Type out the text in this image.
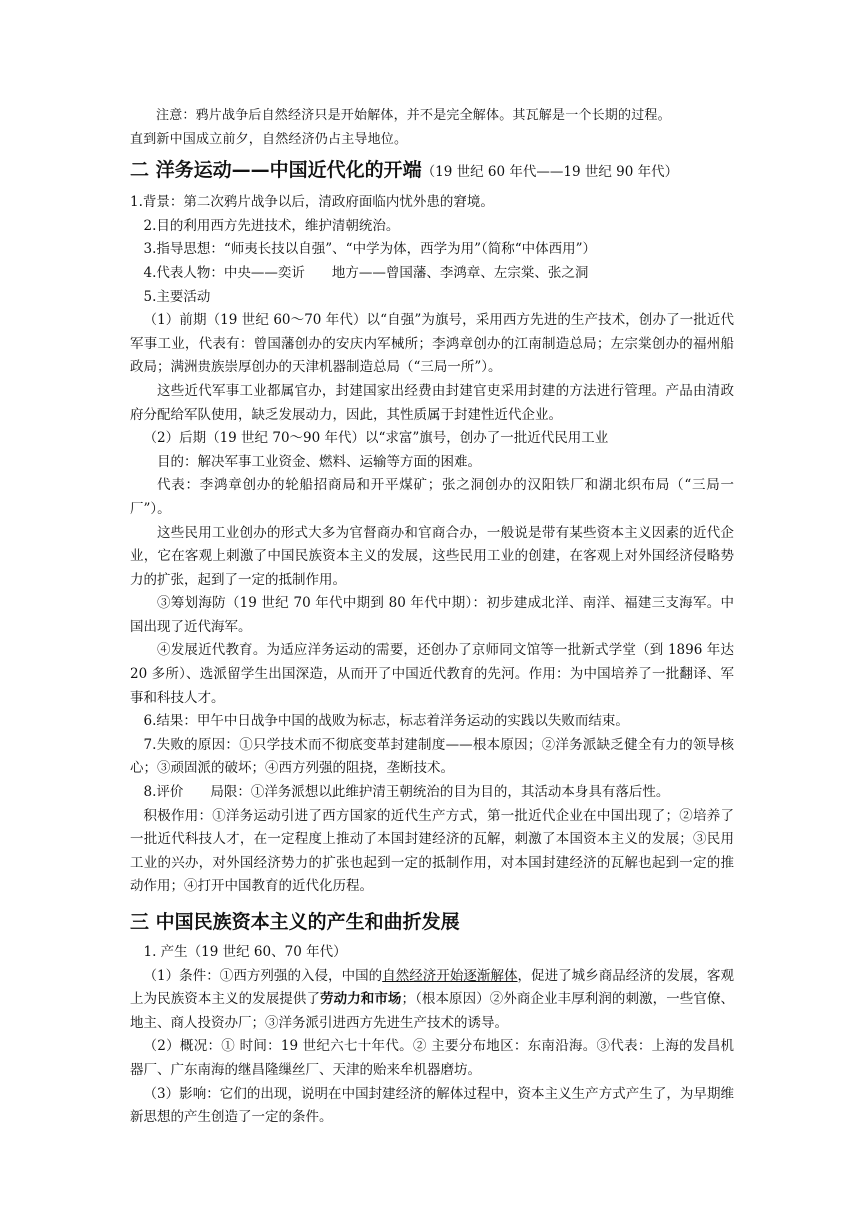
注意：鸦片战争后自然经济只是开始解体，并不是完全解体。其瓦解是一个长期的过程。

直到新中国成立前夕，自然经济仍占主导地位。

二 洋务运动——中国近代化的开端（19 世纪 60 年代——19 世纪 90 年代）

1.背景：第二次鸦片战争以后，清政府面临内忧外患的窘境。

2.目的利用西方先进技术，维护清朝统治。

3.指导思想：“师夷长技以自强”、“中学为体，西学为用”（简称“中体西用”）

4.代表人物：中央——奕䜣　　地方——曾国藩、李鸿章、左宗棠、张之洞

5.主要活动

（1）前期（19 世纪 60～70 年代）以“自强”为旗号，采用西方先进的生产技术，创办了一批近代军事工业，代表有：曾国藩创办的安庆内军械所；李鸿章创办的江南制造总局；左宗棠创办的福州船政局；满洲贵族崇厚创办的天津机器制造总局（“三局一所”）。

这些近代军事工业都属官办，封建国家出经费由封建官吏采用封建的方法进行管理。产品由清政府分配给军队使用，缺乏发展动力，因此，其性质属于封建性近代企业。

（2）后期（19 世纪 70～90 年代）以“求富”旗号，创办了一批近代民用工业

目的：解决军事工业资金、燃料、运输等方面的困难。

代表：李鸿章创办的轮船招商局和开平煤矿；张之洞创办的汉阳铁厂和湖北织布局（“三局一厂”）。

这些民用工业创办的形式大多为官督商办和官商合办，一般说是带有某些资本主义因素的近代企业，它在客观上刺激了中国民族资本主义的发展，这些民用工业的创建，在客观上对外国经济侵略势力的扩张，起到了一定的抵制作用。

③筹划海防（19 世纪 70 年代中期到 80 年代中期）：初步建成北洋、南洋、福建三支海军。中国出现了近代海军。

④发展近代教育。为适应洋务运动的需要，还创办了京师同文馆等一批新式学堂（到 1896 年达 20 多所）、选派留学生出国深造，从而开了中国近代教育的先河。作用：为中国培养了一批翻译、军事和科技人才。

6.结果：甲午中日战争中国的战败为标志，标志着洋务运动的实践以失败而结束。

7.失败的原因：①只学技术而不彻底变革封建制度——根本原因；②洋务派缺乏健全有力的领导核心；③顽固派的破坏；④西方列强的阻挠，垄断技术。

8.评价　　局限：①洋务派想以此维护清王朝统治的目为目的，其活动本身具有落后性。

积极作用：①洋务运动引进了西方国家的近代生产方式，第一批近代企业在中国出现了；②培养了一批近代科技人才，在一定程度上推动了本国封建经济的瓦解，刺激了本国资本主义的发展；③民用工业的兴办，对外国经济势力的扩张也起到一定的抵制作用，对本国封建经济的瓦解也起到一定的推动作用；④打开中国教育的近代化历程。

三 中国民族资本主义的产生和曲折发展

1. 产生（19 世纪 60、70 年代）

（1）条件：①西方列强的入侵，中国的自然经济开始逐渐解体，促进了城乡商品经济的发展，客观上为民族资本主义的发展提供了劳动力和市场；（根本原因）②外商企业丰厚利润的刺激，一些官僚、地主、商人投资办厂；③洋务派引进西方先进生产技术的诱导。

（2）概况：① 时间：19 世纪六七十年代。② 主要分布地区：东南沿海。③代表：上海的发昌机器厂、广东南海的继昌隆缫丝厂、天津的贻来牟机器磨坊。

（3）影响：它们的出现，说明在中国封建经济的解体过程中，资本主义生产方式产生了，为早期维新思想的产生创造了一定的条件。
